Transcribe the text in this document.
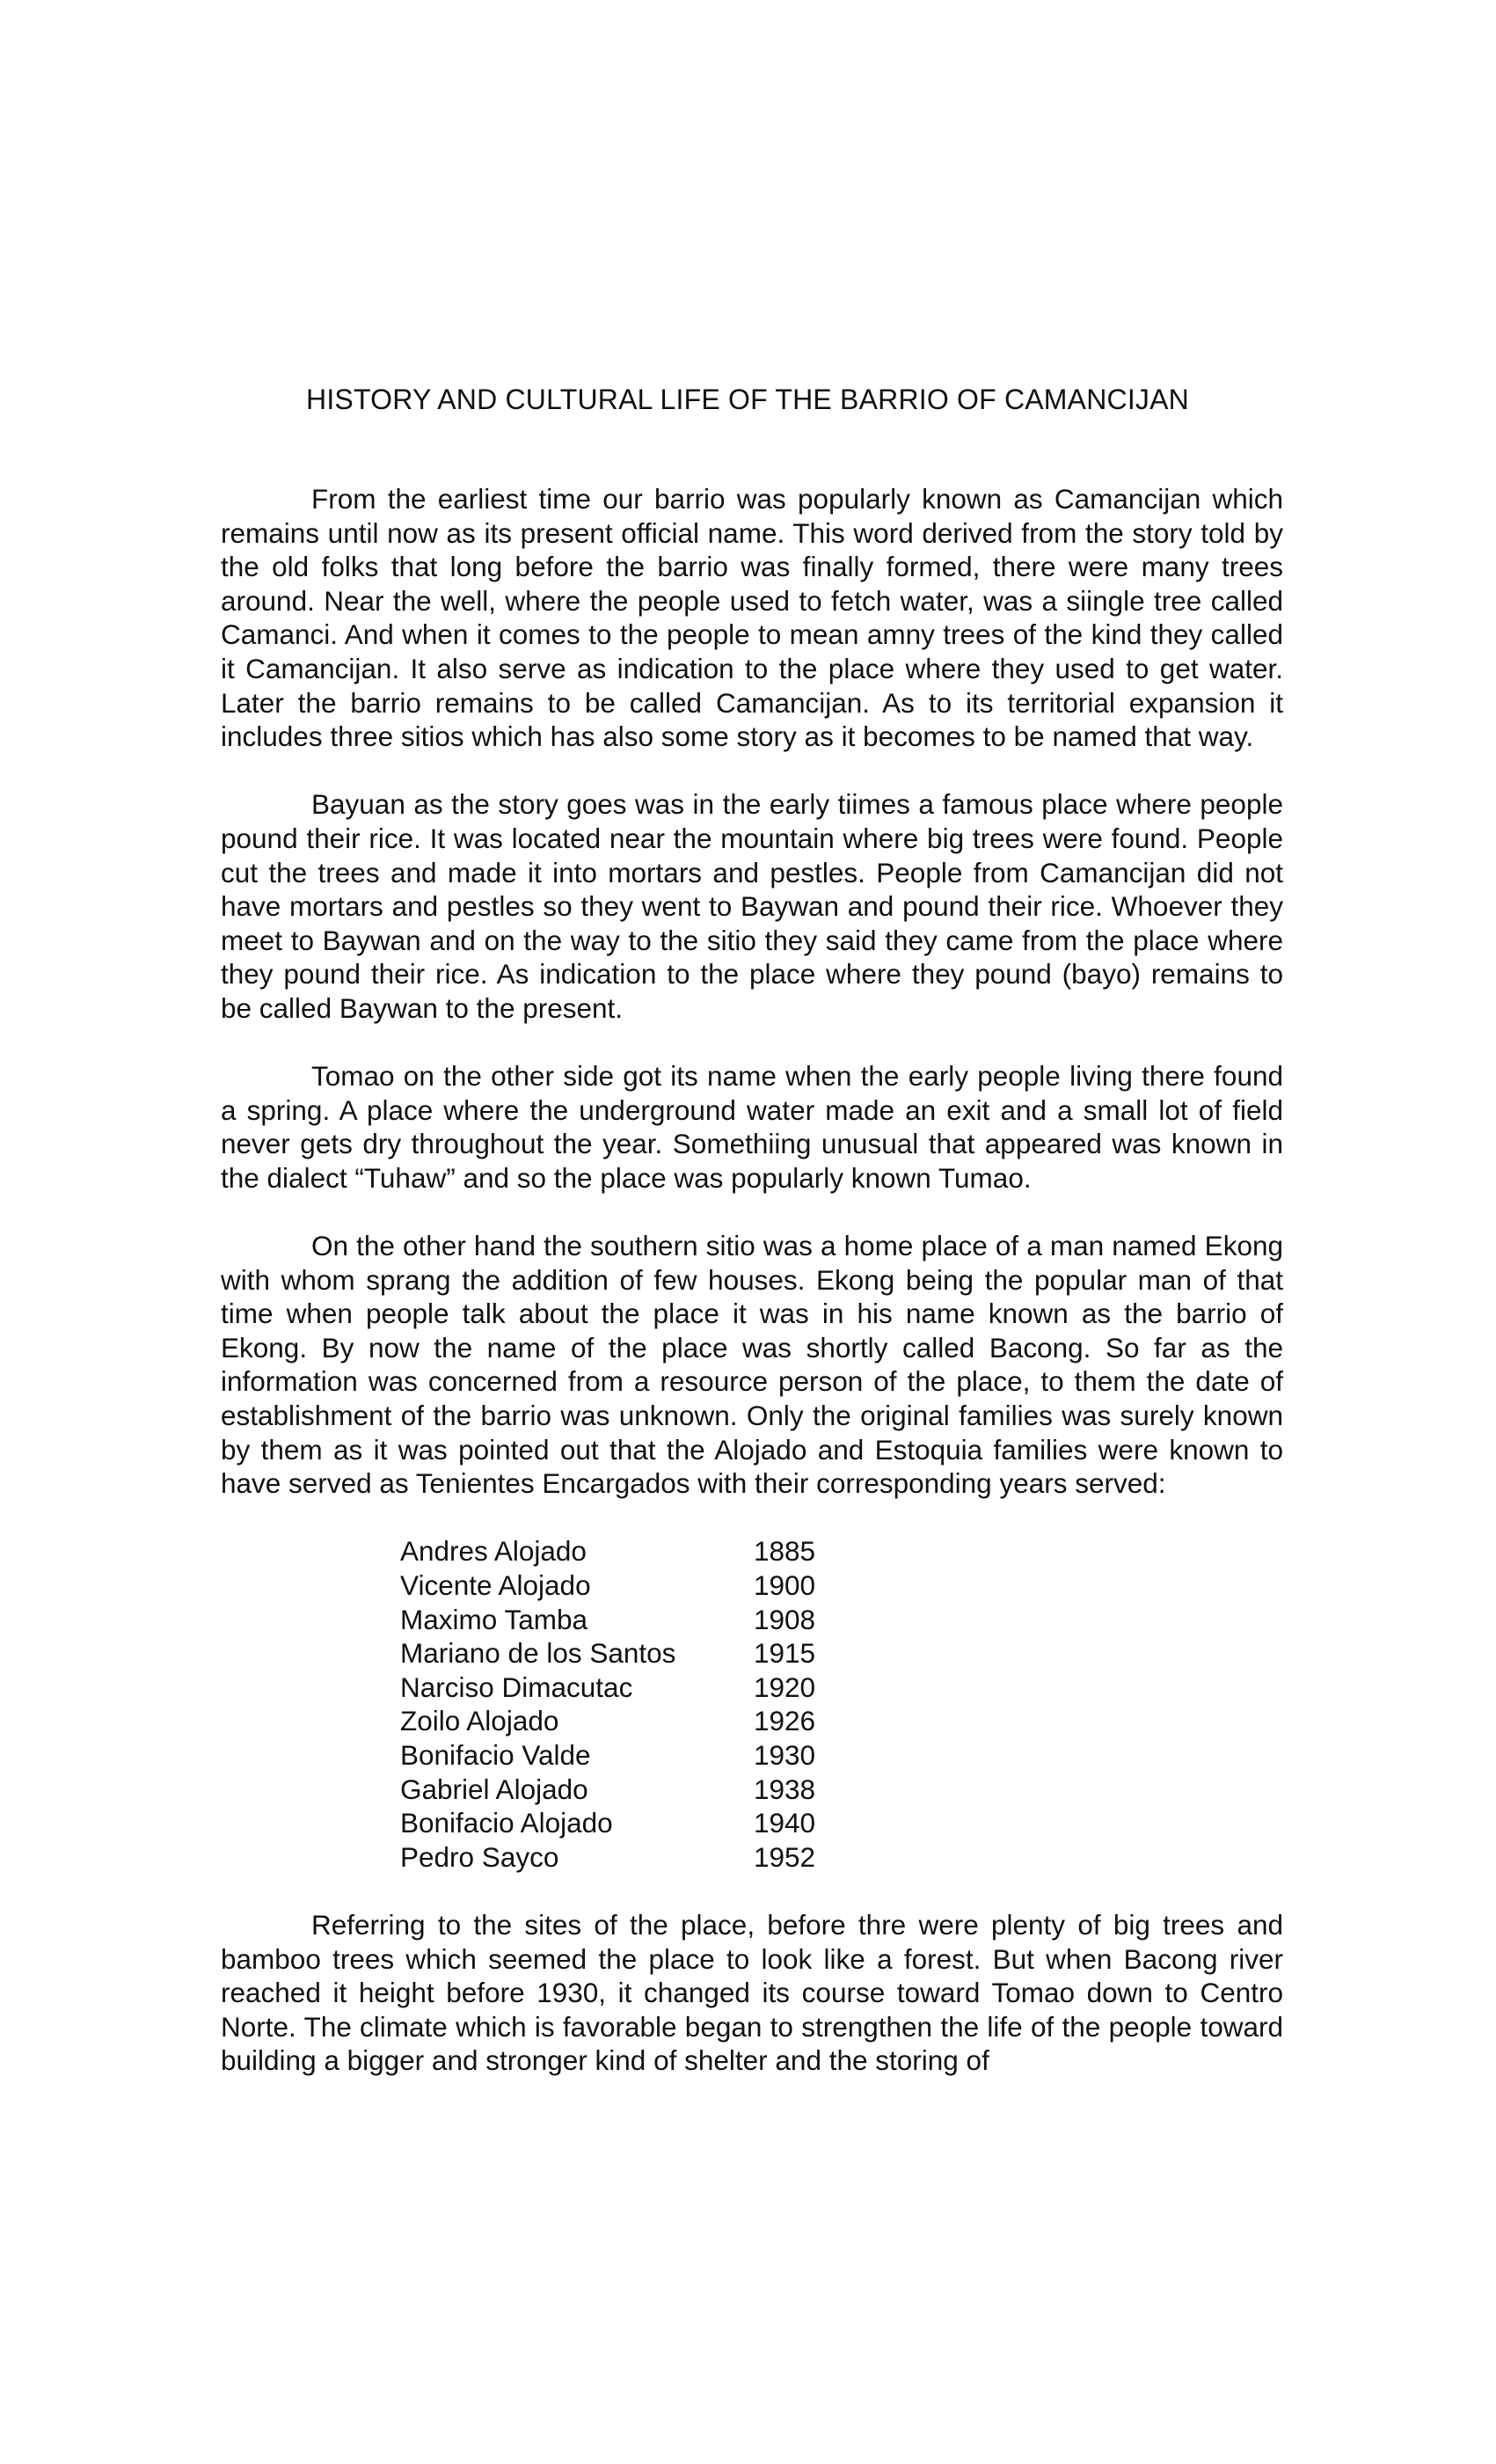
HISTORY AND CULTURAL LIFE OF THE BARRIO OF CAMANCIJAN

From the earliest time our barrio was popularly known as Camancijan which remains until now as its present official name. This word derived from the story told by the old folks that long before the barrio was finally formed, there were many trees around. Near the well, where the people used to fetch water, was a siingle tree called Camanci. And when it comes to the people to mean amny trees of the kind they called it Camancijan. It also serve as indication to the place where they used to get water. Later the barrio remains to be called Camancijan. As to its territorial expansion it includes three sitios which has also some story as it becomes to be named that way.

Bayuan as the story goes was in the early tiimes a famous place where people pound their rice. It was located near the mountain where big trees were found. People cut the trees and made it into mortars and pestles. People from Camancijan did not have mortars and pestles so they went to Baywan and pound their rice. Whoever they meet to Baywan and on the way to the sitio they said they came from the place where they pound their rice. As indication to the place where they pound (bayo) remains to be called Baywan to the present.

Tomao on the other side got its name when the early people living there found a spring. A place where the underground water made an exit and a small lot of field never gets dry throughout the year. Somethiing unusual that appeared was known in the dialect “Tuhaw” and so the place was popularly known Tumao.

On the other hand the southern sitio was a home place of a man named Ekong with whom sprang the addition of few houses. Ekong being the popular man of that time when people talk about the place it was in his name known as the barrio of Ekong. By now the name of the place was shortly called Bacong. So far as the information was concerned from a resource person of the place, to them the date of establishment of the barrio was unknown. Only the original families was surely known by them as it was pointed out that the Alojado and Estoquia families were known to have served as Tenientes Encargados with their corresponding years served:

Andres Alojado	1885
Vicente Alojado	1900
Maximo Tamba	1908
Mariano de los Santos	1915
Narciso Dimacutac	1920
Zoilo Alojado	1926
Bonifacio Valde	1930
Gabriel Alojado	1938
Bonifacio Alojado	1940
Pedro Sayco	1952

Referring to the sites of the place, before thre were plenty of big trees and bamboo trees which seemed the place to look like a forest. But when Bacong river reached it height before 1930, it changed its course toward Tomao down to Centro Norte. The climate which is favorable began to strengthen the life of the people toward building a bigger and stronger kind of shelter and the storing of
